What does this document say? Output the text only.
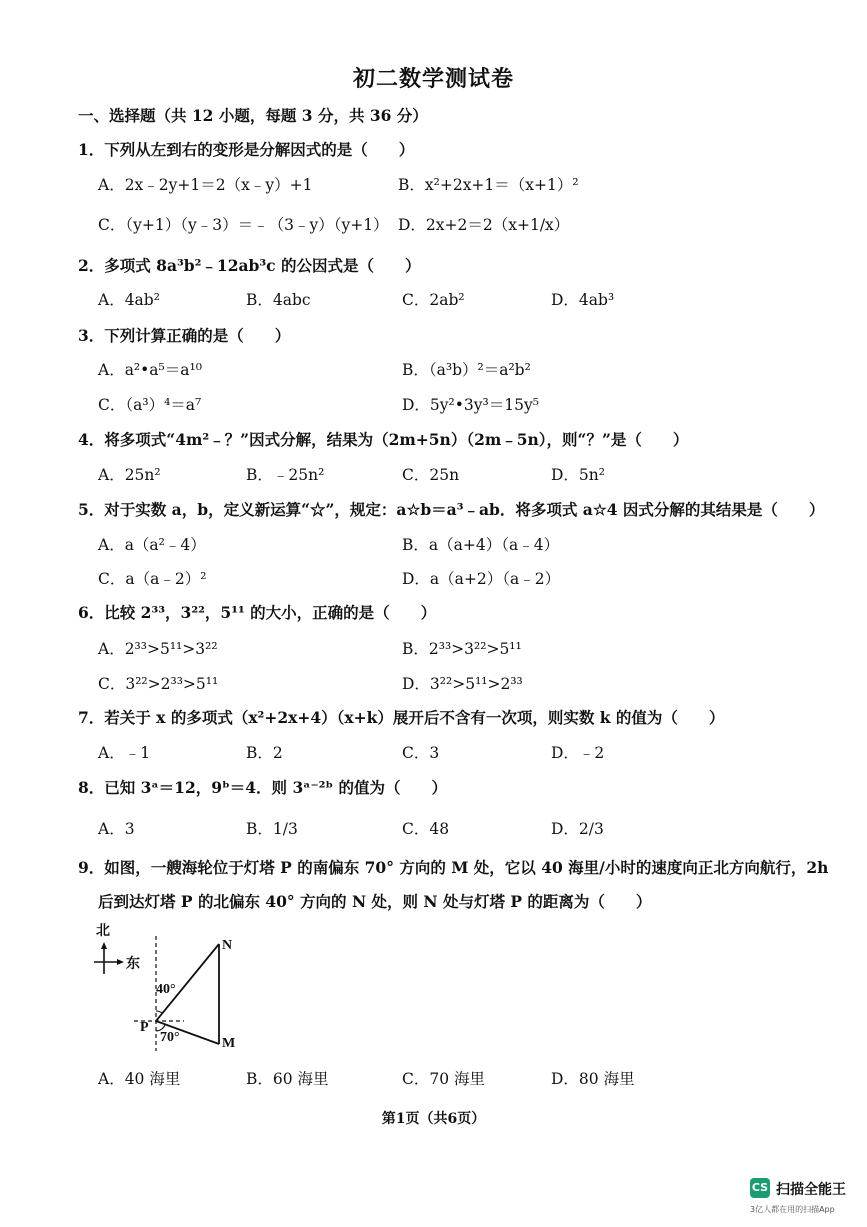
初二数学测试卷
一、选择题（共 12 小题，每题 3 分，共 36 分）
1．下列从左到右的变形是分解因式的是（　　）
A．2x﹣2y+1＝2（x﹣y）+1	B．x²+2x+1＝（x+1）²
C．（y+1）（y﹣3）＝﹣（3﹣y）（y+1） D．2x+2＝2（x+1/x）
2．多项式 8a³b²﹣12ab³c 的公因式是（　　）
A．4ab²	B．4abc	C．2ab²	D．4ab³
3．下列计算正确的是（　　）
A．a²•a⁵＝a¹⁰	B．（a³b）²＝a²b²
C．（a³）⁴＝a⁷	D．5y²•3y³＝15y⁵
4．将多项式“4m²﹣？”因式分解，结果为（2m+5n）（2m﹣5n），则“？”是（　　）
A．25n²	B．﹣25n²	C．25n	D．5n²
5．对于实数 a，b，定义新运算“☆”，规定：a☆b＝a³﹣ab．将多项式 a☆4 因式分解的其结果是（　　）
A．a（a²﹣4）	B．a（a+4）（a﹣4）
C．a（a﹣2）²	D．a（a+2）（a﹣2）
6．比较 2³³，3²²，5¹¹ 的大小，正确的是（　　）
A．2³³>5¹¹>3²²	B．2³³>3²²>5¹¹
C．3²²>2³³>5¹¹	D．3²²>5¹¹>2³³
7．若关于 x 的多项式（x²+2x+4）（x+k）展开后不含有一次项，则实数 k 的值为（　　）
A．﹣1	B．2	C．3	D．﹣2
8．已知 3ᵃ＝12，9ᵇ＝4．则 3ᵃ⁻²ᵇ 的值为（　　）
A．3	B．1/3	C．48	D．2/3
9．如图，一艘海轮位于灯塔 P 的南偏东 70° 方向的 M 处，它以 40 海里/小时的速度向正北方向航行，2h
后到达灯塔 P 的北偏东 40° 方向的 N 处，则 N 处与灯塔 P 的距离为（　　）
北
东
40°
70°
P
N
M
A．40 海里	B．60 海里	C．70 海里	D．80 海里
第1页（共6页）
CS 扫描全能王
3亿人都在用的扫描App
